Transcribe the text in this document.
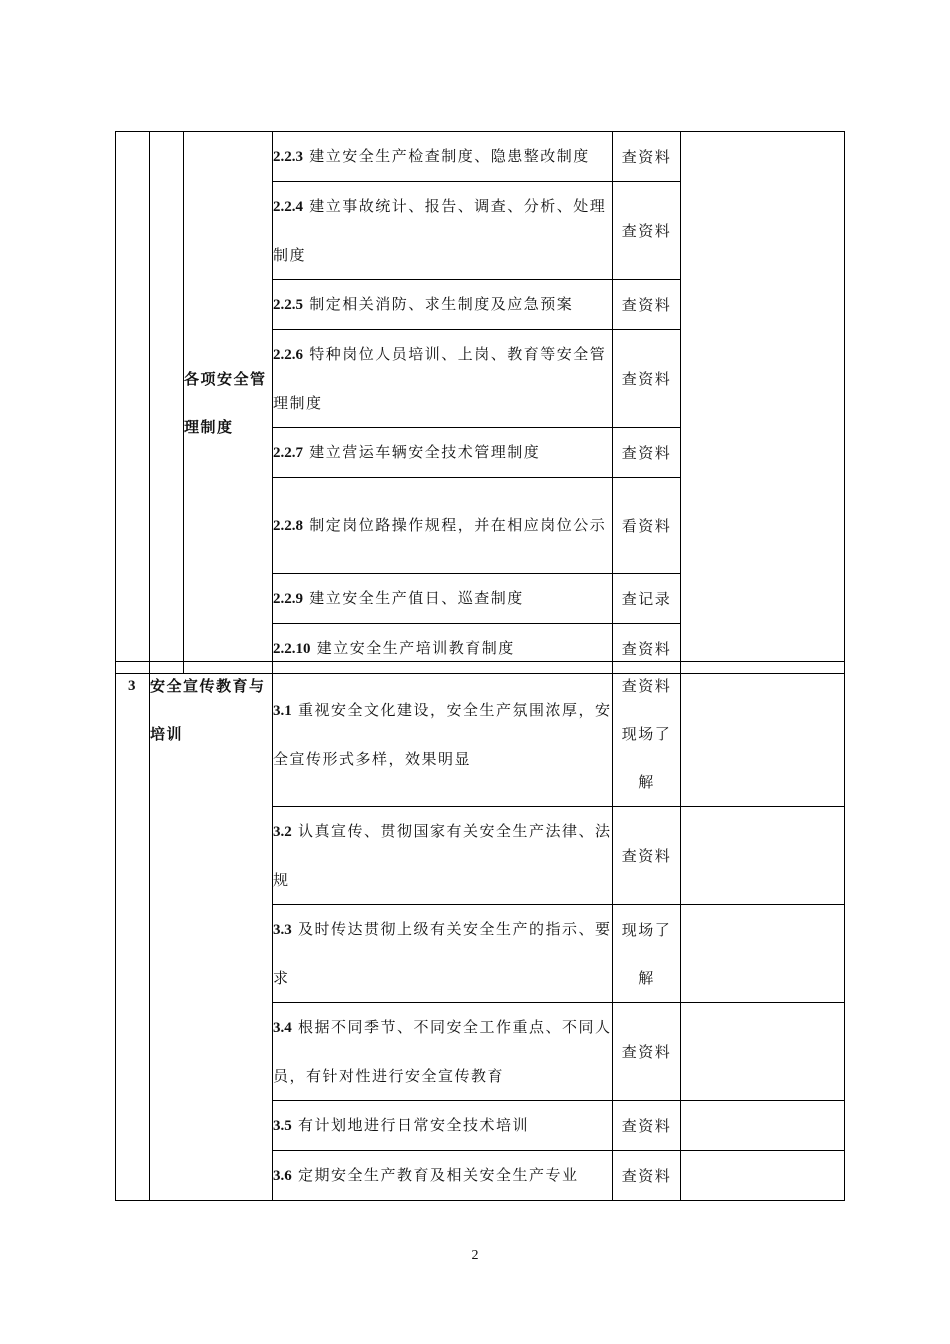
		各项安全管理制度	2.2.3 建立安全生产检查制度、隐患整改制度	查资料	
			2.2.4 建立事故统计、报告、调查、分析、处理制度	查资料	
			2.2.5 制定相关消防、求生制度及应急预案	查资料	
			2.2.6 特种岗位人员培训、上岗、教育等安全管理制度	查资料	
			2.2.7 建立营运车辆安全技术管理制度	查资料	
			2.2.8 制定岗位路操作规程，并在相应岗位公示	看资料	
			2.2.9 建立安全生产值日、巡查制度	查记录	
			2.2.10 建立安全生产培训教育制度	查资料	
3	安全宣传教育与培训	3.1 重视安全文化建设，安全生产氛围浓厚，安全宣传形式多样，效果明显	查资料现场了解	
		3.2 认真宣传、贯彻国家有关安全生产法律、法规	查资料	
		3.3 及时传达贯彻上级有关安全生产的指示、要求	现场了解	
		3.4 根据不同季节、不同安全工作重点、不同人员，有针对性进行安全宣传教育	查资料	
		3.5 有计划地进行日常安全技术培训	查资料	
		3.6 定期安全生产教育及相关安全生产专业	查资料	
2
